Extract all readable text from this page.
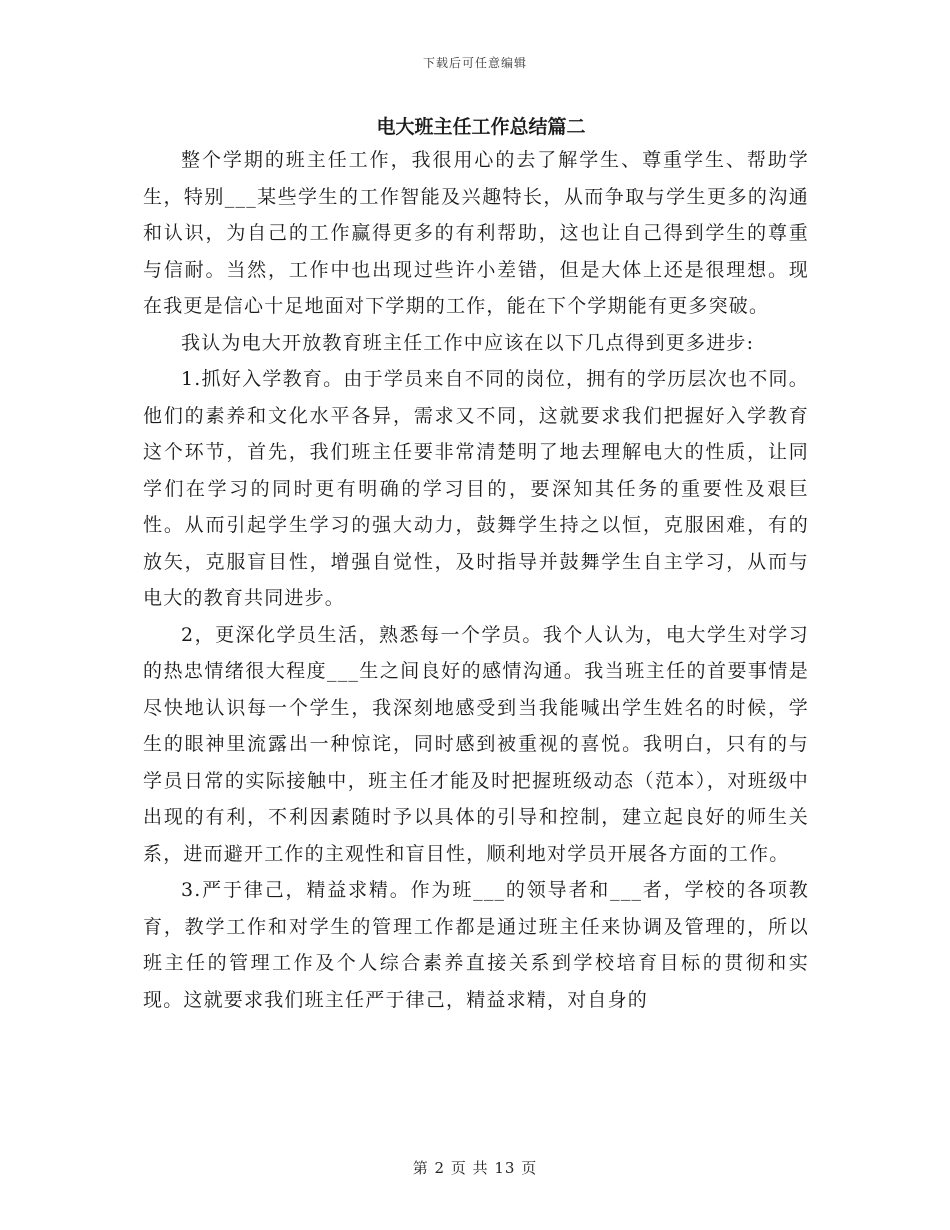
下载后可任意编辑
电大班主任工作总结篇二

整个学期的班主任工作，我很用心的去了解学生、尊重学生、帮助学生，特别___某些学生的工作智能及兴趣特长，从而争取与学生更多的沟通和认识，为自己的工作赢得更多的有利帮助，这也让自己得到学生的尊重与信耐。当然，工作中也出现过些许小差错，但是大体上还是很理想。现在我更是信心十足地面对下学期的工作，能在下个学期能有更多突破。

我认为电大开放教育班主任工作中应该在以下几点得到更多进步:

1.抓好入学教育。由于学员来自不同的岗位，拥有的学历层次也不同。他们的素养和文化水平各异，需求又不同，这就要求我们把握好入学教育这个环节，首先，我们班主任要非常清楚明了地去理解电大的性质，让同学们在学习的同时更有明确的学习目的，要深知其任务的重要性及艰巨性。从而引起学生学习的强大动力，鼓舞学生持之以恒，克服困难，有的放矢，克服盲目性，增强自觉性，及时指导并鼓舞学生自主学习，从而与电大的教育共同进步。

2，更深化学员生活，熟悉每一个学员。我个人认为，电大学生对学习的热忠情绪很大程度___生之间良好的感情沟通。我当班主任的首要事情是尽快地认识每一个学生，我深刻地感受到当我能喊出学生姓名的时候，学生的眼神里流露出一种惊诧，同时感到被重视的喜悦。我明白，只有的与学员日常的实际接触中，班主任才能及时把握班级动态（范本），对班级中出现的有利，不利因素随时予以具体的引导和控制，建立起良好的师生关系，进而避开工作的主观性和盲目性，顺利地对学员开展各方面的工作。

3.严于律己，精益求精。作为班___的领导者和___者，学校的各项教育，教学工作和对学生的管理工作都是通过班主任来协调及管理的，所以班主任的管理工作及个人综合素养直接关系到学校培育目标的贯彻和实现。这就要求我们班主任严于律己，精益求精，对自身的

第 2 页 共 13 页
